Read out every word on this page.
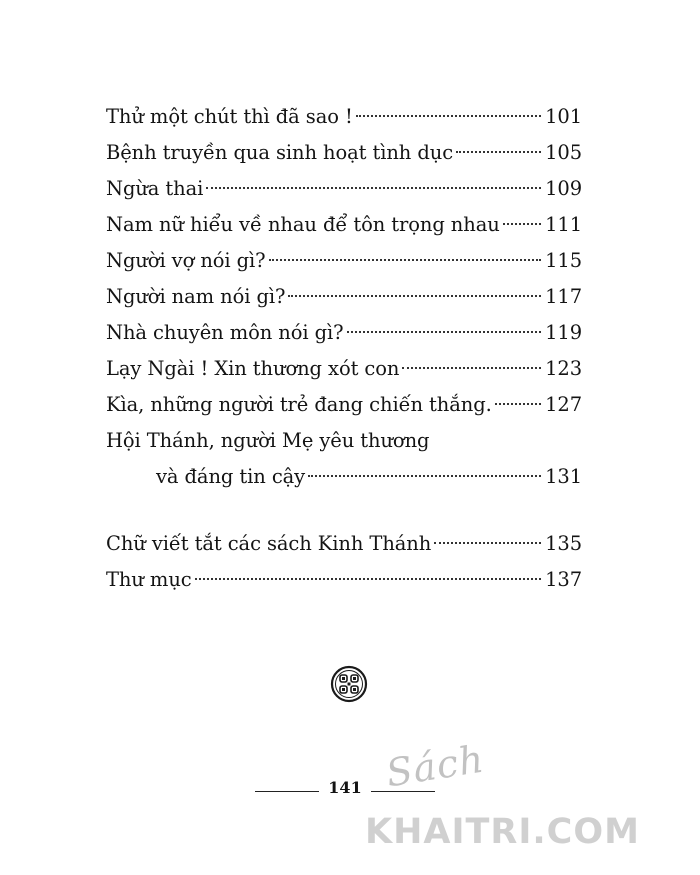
Thử một chút thì đã sao !	101
Bệnh truyền qua sinh hoạt tình dục	105
Ngừa thai	109
Nam nữ hiểu về nhau để tôn trọng nhau 111
Người vợ nói gì?	115
Người nam nói gì?	117
Nhà chuyên môn nói gì?	119
Lạy Ngài ! Xin thương xót con	123
Kìa, những người trẻ đang chiến thắng.	127
Hội Thánh, người Mẹ yêu thương
và đáng tin cậy	131
Chữ viết tắt các sách Kinh Thánh	135
Thư mục	137
141 Sách
KHAITRI.COM
